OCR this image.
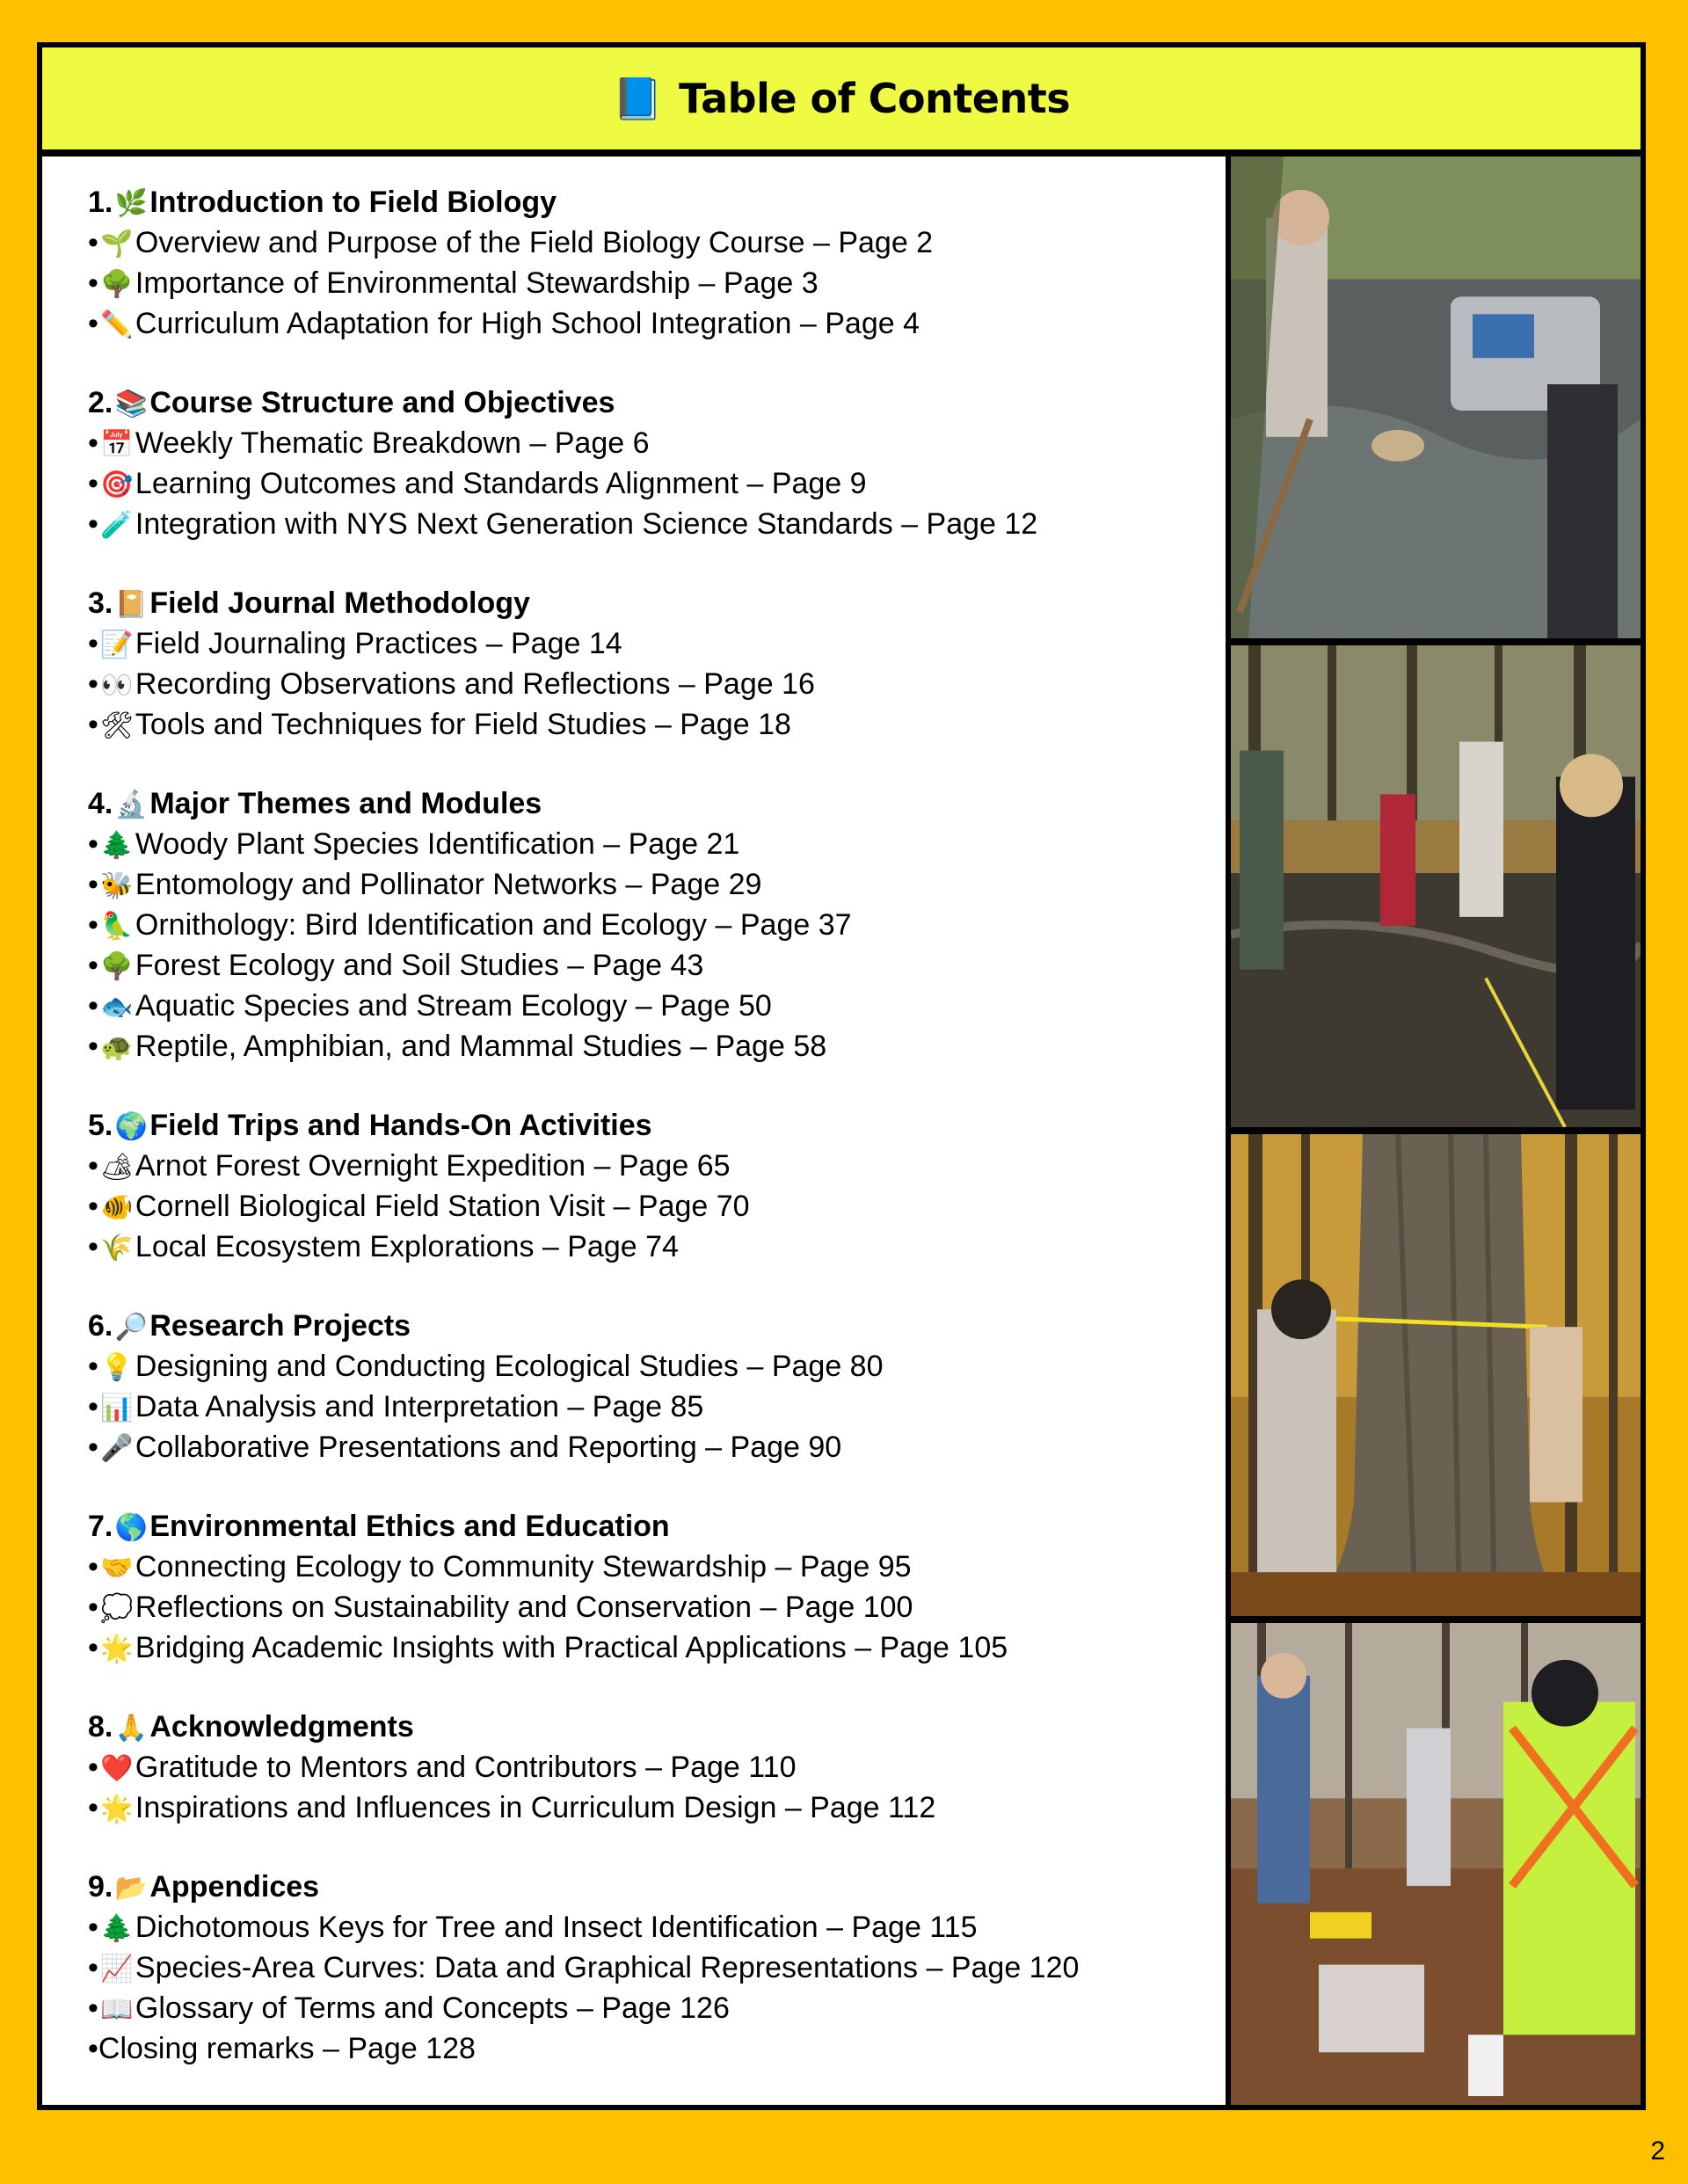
📘 Table of Contents
1.🌿Introduction to Field Biology
•🌱Overview and Purpose of the Field Biology Course – Page 2
•🌳Importance of Environmental Stewardship – Page 3
•✏️Curriculum Adaptation for High School Integration – Page 4
2.📚Course Structure and Objectives
•📅Weekly Thematic Breakdown – Page 6
•🎯Learning Outcomes and Standards Alignment – Page 9
•🧪Integration with NYS Next Generation Science Standards – Page 12
3.📔Field Journal Methodology
•📝Field Journaling Practices – Page 14
•👀Recording Observations and Reflections – Page 16
•🛠Tools and Techniques for Field Studies – Page 18
4.🔬Major Themes and Modules
•🌲Woody Plant Species Identification – Page 21
•🐝Entomology and Pollinator Networks – Page 29
•🦜Ornithology: Bird Identification and Ecology – Page 37
•🌳Forest Ecology and Soil Studies – Page 43
•🐟Aquatic Species and Stream Ecology – Page 50
•🐢Reptile, Amphibian, and Mammal Studies – Page 58
5.🌍Field Trips and Hands-On Activities
•🏕Arnot Forest Overnight Expedition – Page 65
•🐠Cornell Biological Field Station Visit – Page 70
•🌾Local Ecosystem Explorations – Page 74
6.🔎Research Projects
•💡Designing and Conducting Ecological Studies – Page 80
•📊Data Analysis and Interpretation – Page 85
•🎤Collaborative Presentations and Reporting – Page 90
7.🌎Environmental Ethics and Education
•🤝Connecting Ecology to Community Stewardship – Page 95
•💭Reflections on Sustainability and Conservation – Page 100
•🌟Bridging Academic Insights with Practical Applications – Page 105
8.🙏Acknowledgments
•❤️Gratitude to Mentors and Contributors – Page 110
•🌟Inspirations and Influences in Curriculum Design – Page 112
9.📂Appendices
•🌲Dichotomous Keys for Tree and Insect Identification – Page 115
•📈Species-Area Curves: Data and Graphical Representations – Page 120
•📖Glossary of Terms and Concepts – Page 126
•Closing remarks – Page 128
2
